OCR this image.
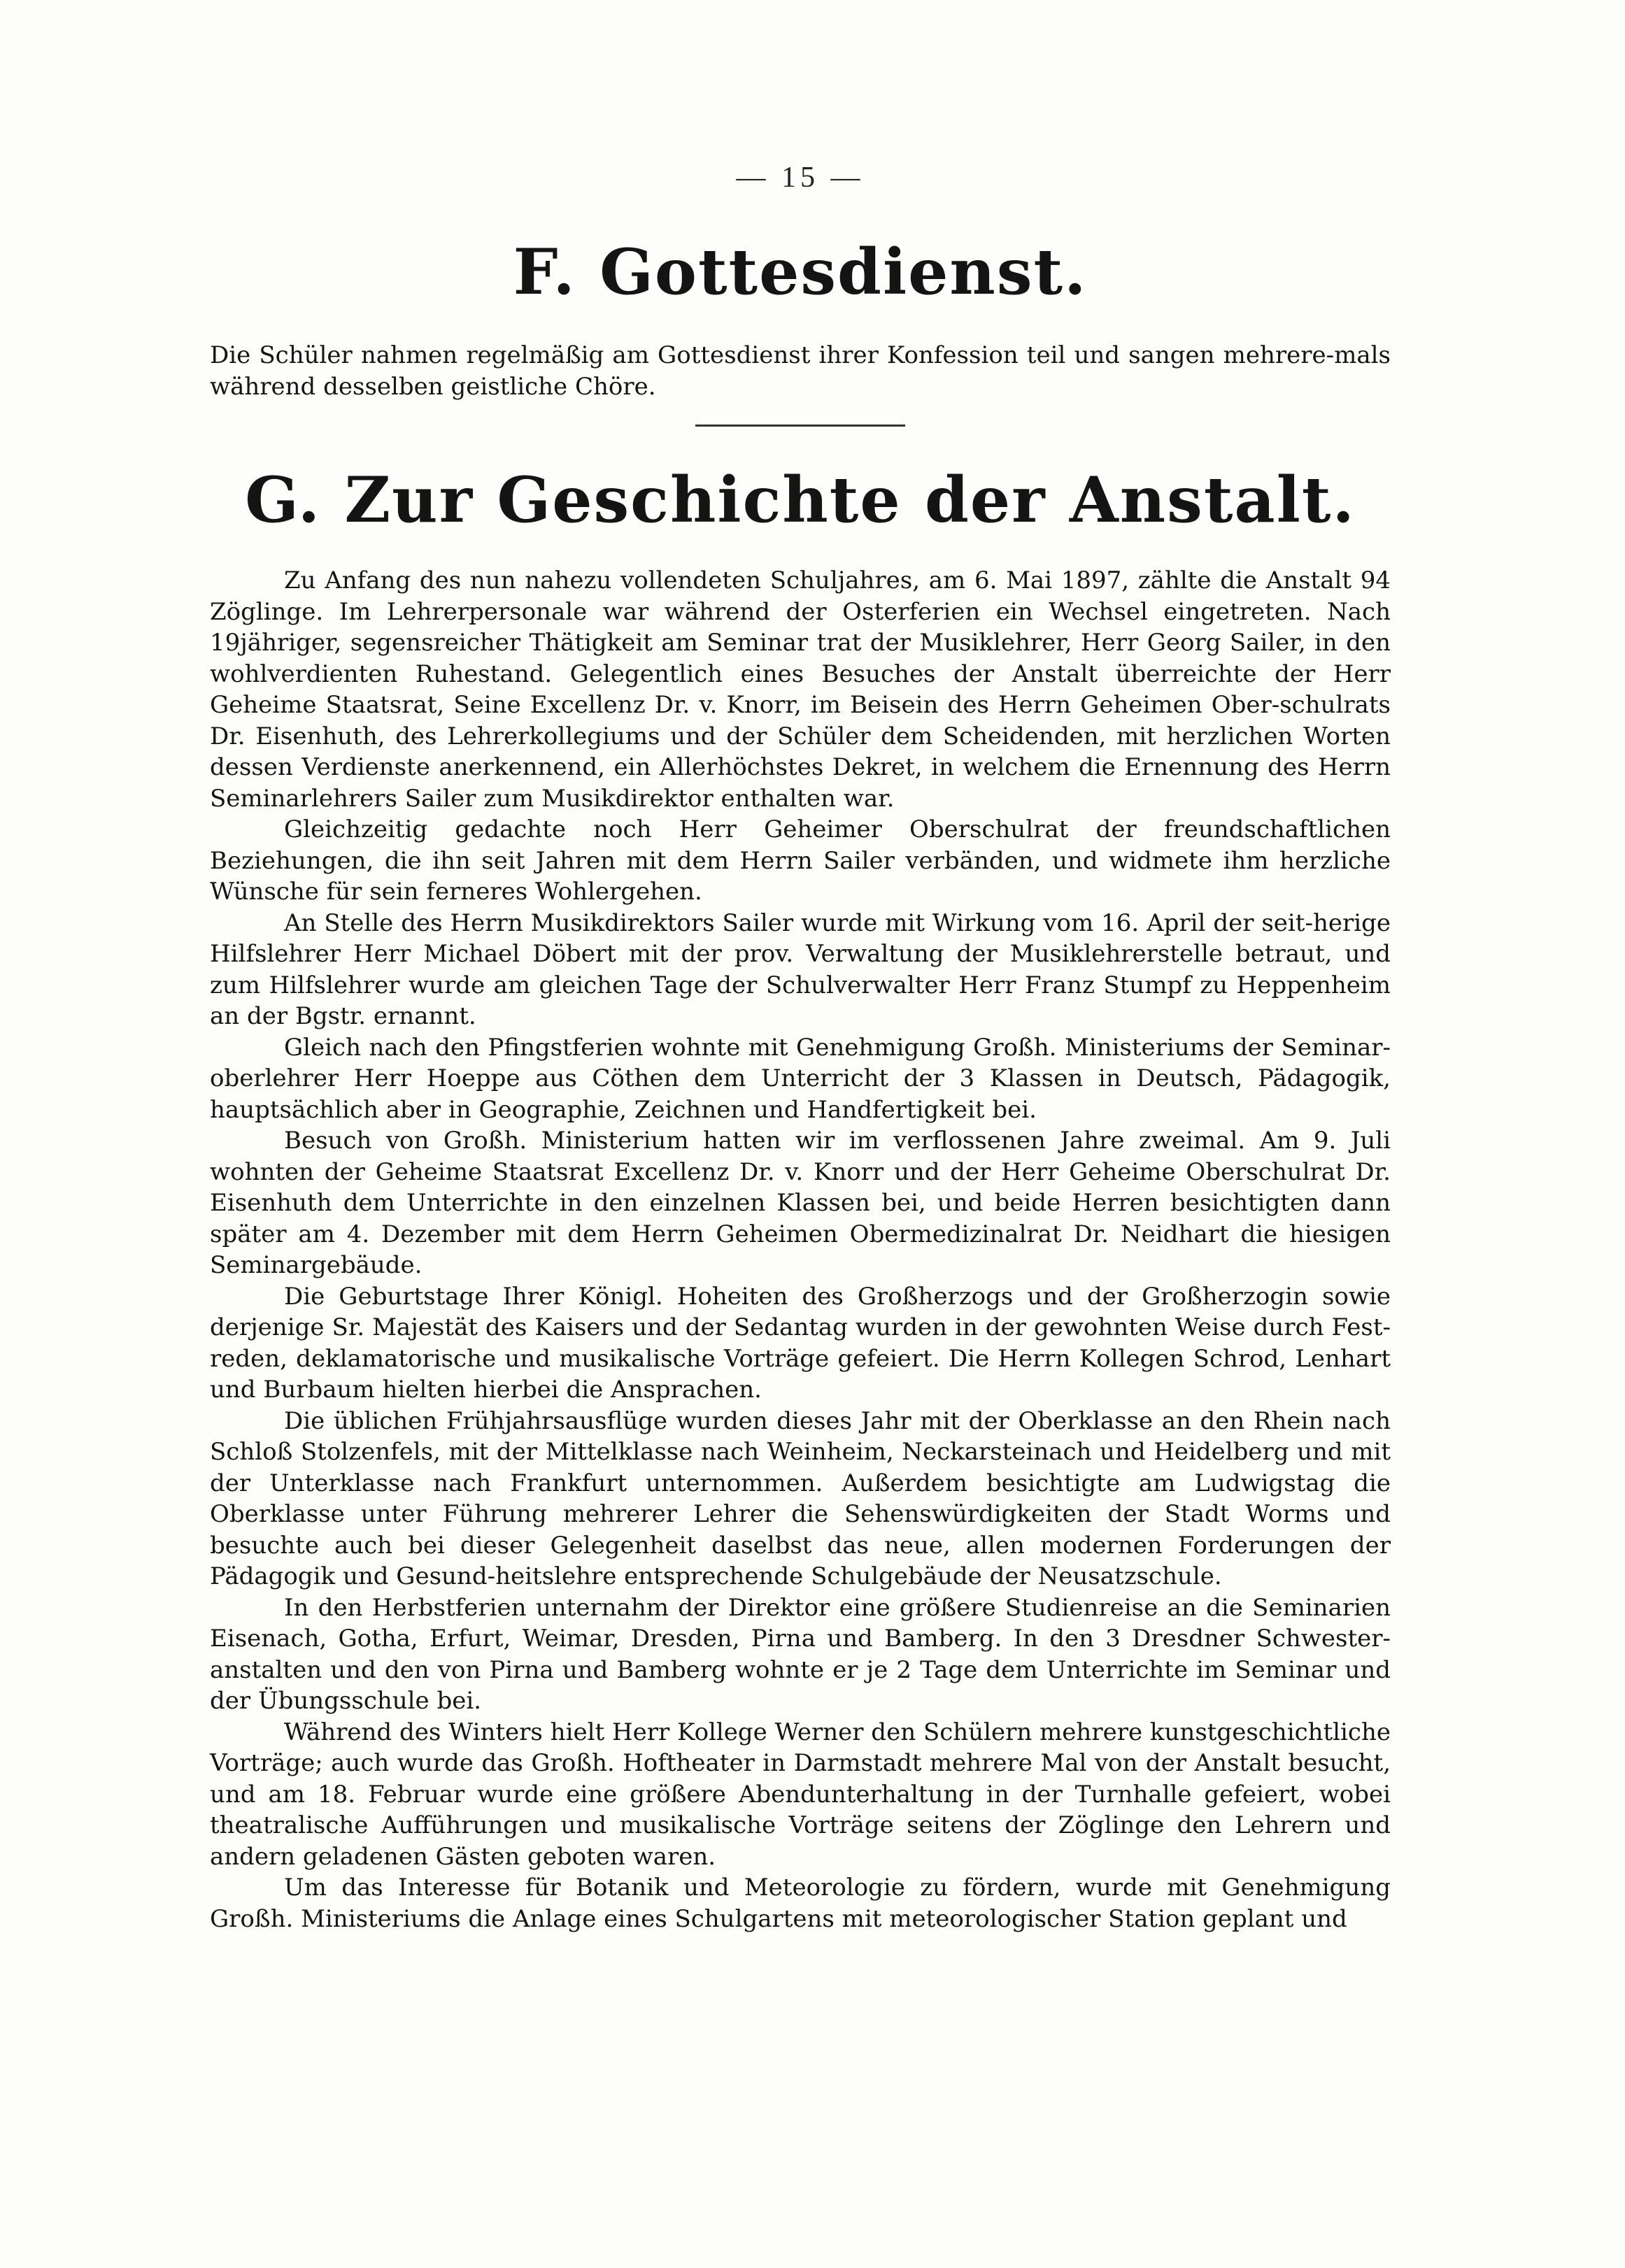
— 15 —
F. Gottesdienst.

Die Schüler nahmen regelmäßig am Gottesdienst ihrer Konfession teil und sangen mehrere-mals während desselben geistliche Chöre.

G. Zur Geschichte der Anstalt.

Zu Anfang des nun nahezu vollendeten Schuljahres, am 6. Mai 1897, zählte die Anstalt 94 Zöglinge. Im Lehrerpersonale war während der Osterferien ein Wechsel eingetreten. Nach 19jähriger, segensreicher Thätigkeit am Seminar trat der Musiklehrer, Herr Georg Sailer, in den wohlverdienten Ruhestand. Gelegentlich eines Besuches der Anstalt überreichte der Herr Geheime Staatsrat, Seine Excellenz Dr. v. Knorr, im Beisein des Herrn Geheimen Ober-schulrats Dr. Eisenhuth, des Lehrerkollegiums und der Schüler dem Scheidenden, mit herzlichen Worten dessen Verdienste anerkennend, ein Allerhöchstes Dekret, in welchem die Ernennung des Herrn Seminarlehrers Sailer zum Musikdirektor enthalten war.

Gleichzeitig gedachte noch Herr Geheimer Oberschulrat der freundschaftlichen Beziehungen, die ihn seit Jahren mit dem Herrn Sailer verbänden, und widmete ihm herzliche Wünsche für sein ferneres Wohlergehen.

An Stelle des Herrn Musikdirektors Sailer wurde mit Wirkung vom 16. April der seit-herige Hilfslehrer Herr Michael Döbert mit der prov. Verwaltung der Musiklehrerstelle betraut, und zum Hilfslehrer wurde am gleichen Tage der Schulverwalter Herr Franz Stumpf zu Heppenheim an der Bgstr. ernannt.

Gleich nach den Pfingstferien wohnte mit Genehmigung Großh. Ministeriums der Seminar-oberlehrer Herr Hoeppe aus Cöthen dem Unterricht der 3 Klassen in Deutsch, Pädagogik, hauptsächlich aber in Geographie, Zeichnen und Handfertigkeit bei.

Besuch von Großh. Ministerium hatten wir im verflossenen Jahre zweimal. Am 9. Juli wohnten der Geheime Staatsrat Excellenz Dr. v. Knorr und der Herr Geheime Oberschulrat Dr. Eisenhuth dem Unterrichte in den einzelnen Klassen bei, und beide Herren besichtigten dann später am 4. Dezember mit dem Herrn Geheimen Obermedizinalrat Dr. Neidhart die hiesigen Seminargebäude.

Die Geburtstage Ihrer Königl. Hoheiten des Großherzogs und der Großherzogin sowie derjenige Sr. Majestät des Kaisers und der Sedantag wurden in der gewohnten Weise durch Fest-reden, deklamatorische und musikalische Vorträge gefeiert. Die Herrn Kollegen Schrod, Lenhart und Burbaum hielten hierbei die Ansprachen.

Die üblichen Frühjahrsausflüge wurden dieses Jahr mit der Oberklasse an den Rhein nach Schloß Stolzenfels, mit der Mittelklasse nach Weinheim, Neckarsteinach und Heidelberg und mit der Unterklasse nach Frankfurt unternommen. Außerdem besichtigte am Ludwigstag die Oberklasse unter Führung mehrerer Lehrer die Sehenswürdigkeiten der Stadt Worms und besuchte auch bei dieser Gelegenheit daselbst das neue, allen modernen Forderungen der Pädagogik und Gesund-heitslehre entsprechende Schulgebäude der Neusatzschule.

In den Herbstferien unternahm der Direktor eine größere Studienreise an die Seminarien Eisenach, Gotha, Erfurt, Weimar, Dresden, Pirna und Bamberg. In den 3 Dresdner Schwester-anstalten und den von Pirna und Bamberg wohnte er je 2 Tage dem Unterrichte im Seminar und der Übungsschule bei.

Während des Winters hielt Herr Kollege Werner den Schülern mehrere kunstgeschichtliche Vorträge; auch wurde das Großh. Hoftheater in Darmstadt mehrere Mal von der Anstalt besucht, und am 18. Februar wurde eine größere Abendunterhaltung in der Turnhalle gefeiert, wobei theatralische Aufführungen und musikalische Vorträge seitens der Zöglinge den Lehrern und andern geladenen Gästen geboten waren.

Um das Interesse für Botanik und Meteorologie zu fördern, wurde mit Genehmigung Großh. Ministeriums die Anlage eines Schulgartens mit meteorologischer Station geplant und
